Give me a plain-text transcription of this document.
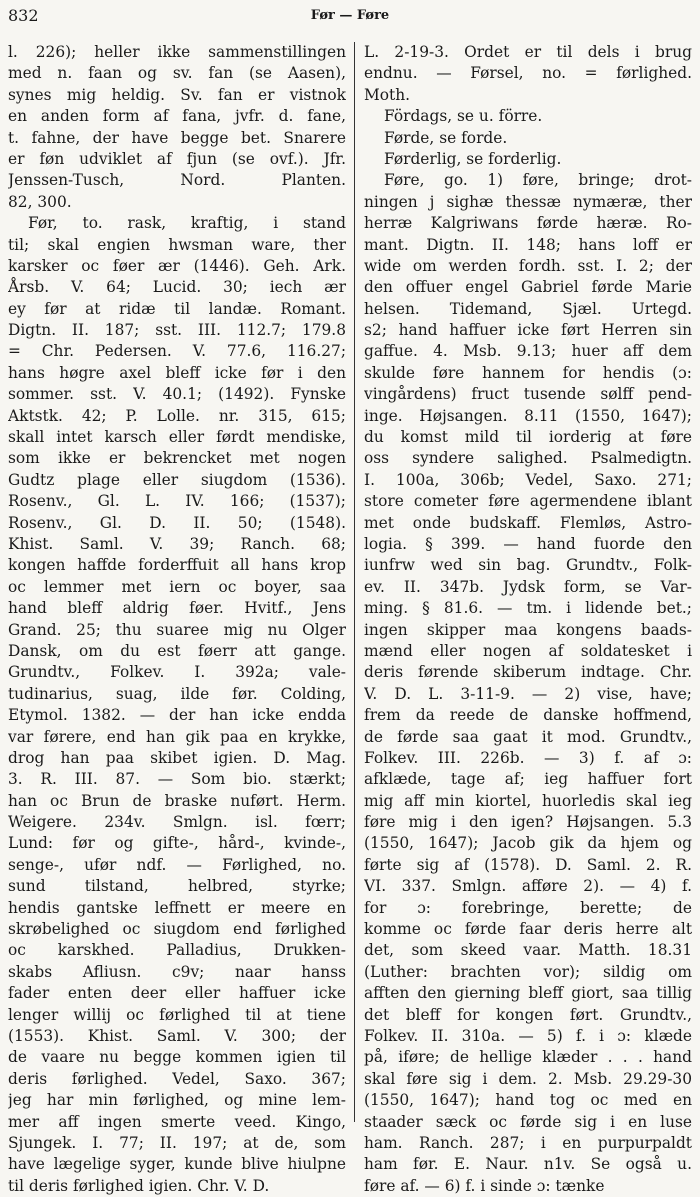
832	Før — Føre
l. 226); heller ikke sammenstillingen
med n. faan og sv. fan (se Aasen),
synes mig heldig. Sv. fan er vistnok
en anden form af fana, jvfr. d. fane,
t. fahne, der have begge bet. Snarere
er føn udviklet af fjun (se ovf.). Jfr.
Jenssen-Tusch, Nord. Planten.
82, 300.
Før, to. rask, kraftig, i stand
til; skal engien hwsman ware, ther
karsker oc føer ær (1446). Geh. Ark.
Årsb. V. 64; Lucid. 30; iech ær
ey før at ridæ til landæ. Romant.
Digtn. II. 187; sst. III. 112.7; 179.8
= Chr. Pedersen. V. 77.6, 116.27;
hans høgre axel bleff icke før i den
sommer. sst. V. 40.1; (1492). Fynske
Aktstk. 42; P. Lolle. nr. 315, 615;
skall intet karsch eller førdt mendiske,
som ikke er bekrencket met nogen
Gudtz plage eller siugdom (1536).
Rosenv., Gl. L. IV. 166; (1537);
Rosenv., Gl. D. II. 50; (1548).
Khist. Saml. V. 39; Ranch. 68;
kongen haffde forderffuit all hans krop
oc lemmer met iern oc boyer, saa
hand bleff aldrig føer. Hvitf., Jens
Grand. 25; thu suaree mig nu Olger
Dansk, om du est føerr att gange.
Grundtv., Folkev. I. 392a; vale-
tudinarius, suag, ilde før. Colding,
Etymol. 1382. — der han icke endda
var førere, end han gik paa en krykke,
drog han paa skibet igien. D. Mag.
3. R. III. 87. — Som bio. stærkt;
han oc Brun de braske nuført. Herm.
Weigere. 234v. Smlgn. isl. fœrr;
Lund: før og gifte-, hård-, kvinde-,
senge-, ufør ndf. — Førlighed, no.
sund tilstand, helbred, styrke;
hendis gantske leffnett er meere en
skrøbelighed oc siugdom end førlighed
oc karskhed. Palladius, Drukken-
skabs Afliusn. c9v; naar hanss
fader enten deer eller haffuer icke
lenger willij oc førlighed til at tiene
(1553). Khist. Saml. V. 300; der
de vaare nu begge kommen igien til
deris førlighed. Vedel, Saxo. 367;
jeg har min førlighed, og mine lem-
mer aff ingen smerte veed. Kingo,
Sjungek. I. 77; II. 197; at de, som
have lægelige syger, kunde blive hiulpne
til deris førlighed igien. Chr. V. D.
L. 2-19-3. Ordet er til dels i brug
endnu. — Førsel, no. = førlighed.
Moth.
Fördags, se u. förre.
Førde, se forde.
Førderlig, se forderlig.
Føre, go. 1) føre, bringe; drot-
ningen j sighæ thessæ nymæræ, ther
herræ Kalgriwans førde hæræ. Ro-
mant. Digtn. II. 148; hans loff er
wide om werden fordh. sst. I. 2; der
den offuer engel Gabriel førde Marie
helsen. Tidemand, Sjæl. Urtegd.
s2; hand haffuer icke ført Herren sin
gaffue. 4. Msb. 9.13; huer aff dem
skulde føre hannem for hendis (ɔ:
vingårdens) fruct tusende sølff pend-
inge. Højsangen. 8.11 (1550, 1647);
du komst mild til iorderig at føre
oss syndere salighed. Psalmedigtn.
I. 100a, 306b; Vedel, Saxo. 271;
store cometer føre agermendene iblant
met onde budskaff. Flemløs, Astro-
logia. § 399. — hand fuorde den
iunfrw wed sin bag. Grundtv., Folk-
ev. II. 347b. Jydsk form, se Var-
ming. § 81.6. — tm. i lidende bet.;
ingen skipper maa kongens baads-
mænd eller nogen af soldatesket i
deris førende skiberum indtage. Chr.
V. D. L. 3-11-9. — 2) vise, have;
frem da reede de danske hoffmend,
de førde saa gaat it mod. Grundtv.,
Folkev. III. 226b. — 3) f. af ɔ:
afklæde, tage af; ieg haffuer fort
mig aff min kiortel, huorledis skal ieg
føre mig i den igen? Højsangen. 5.3
(1550, 1647); Jacob gik da hjem og
førte sig af (1578). D. Saml. 2. R.
VI. 337. Smlgn. afføre 2). — 4) f.
for ɔ: forebringe, berette; de
komme oc førde faar deris herre alt
det, som skeed vaar. Matth. 18.31
(Luther: brachten vor); sildig om
afften den gierning bleff giort, saa tillig
det bleff for kongen ført. Grundtv.,
Folkev. II. 310a. — 5) f. i ɔ: klæde
på, iføre; de hellige klæder . . . hand
skal føre sig i dem. 2. Msb. 29.29-30
(1550, 1647); hand tog oc med en
staader sæck oc førde sig i en luse
ham. Ranch. 287; i en purpurpaldt
ham før. E. Naur. n1v. Se også u.
føre af. — 6) f. i sinde ɔ: tænke
